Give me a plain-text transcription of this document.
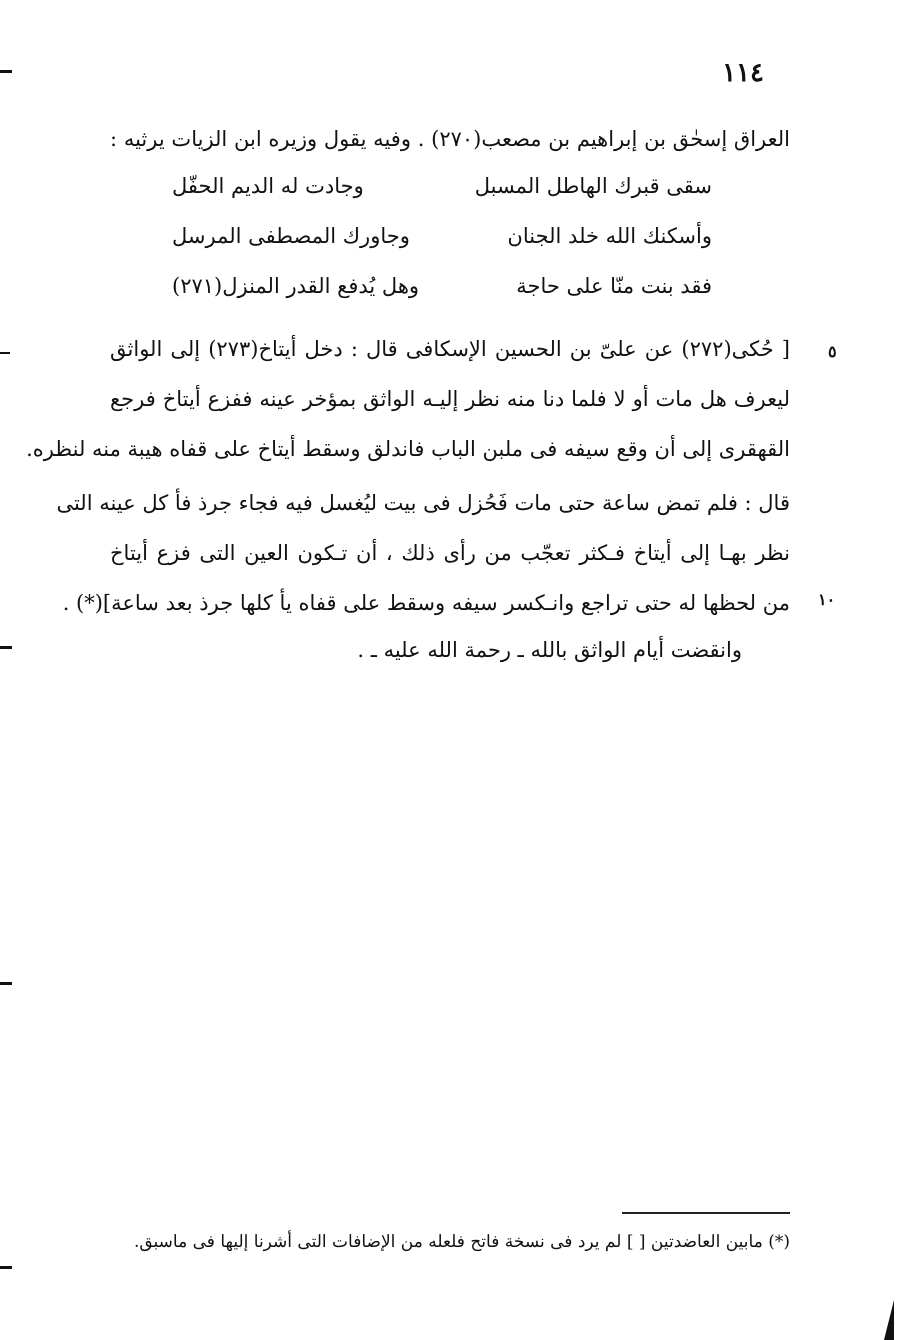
١١٤
العراق إسحٰق بن إبراهيم بن مصعب(٢٧٠) . وفيه يقول وزيره ابن الزيات يرثيه :
سقى قبرك الهاطل المسبل
وجادت له الديم الحفّل
وأسكنك الله خلد الجنان
وجاورك المصطفى المرسل
فقد بنت منّا على حاجة
وهل يُدفع القدر المنزل(٢٧١)
٥
١٠
[ حُكى(٢٧٢) عن علىّ بن الحسين الإسكافى قال : دخل أيتاخ(٢٧٣) إلى الواثق
ليعرف هل مات أو لا فلما دنا منه نظر إليـه الواثق بمؤخر عينه ففزع أيتاخ فرجع
القهقرى إلى أن وقع سيفه فى ملبن الباب فاندلق وسقط أيتاخ على قفاه هيبة منه لنظره.
قال : فلم تمض ساعة حتى مات فَحُزل فى بيت ليُغسل فيه فجاء جرذ فأ كل عينه التى
نظر بهـا إلى أيتاخ فـكثر تعجّب من رأى ذلك ، أن تـكون العين التى فزع أيتاخ
من لحظها له حتى تراجع وانـكسر سيفه وسقط على قفاه يأ كلها جرذ بعد ساعة](*) .
وانقضت أيام الواثق بالله ـ رحمة الله عليه ـ .
(*) مابين العاضدتين [ ] لم يرد فى نسخة فاتح فلعله من الإضافات التى أشرنا إليها فى ماسبق.
